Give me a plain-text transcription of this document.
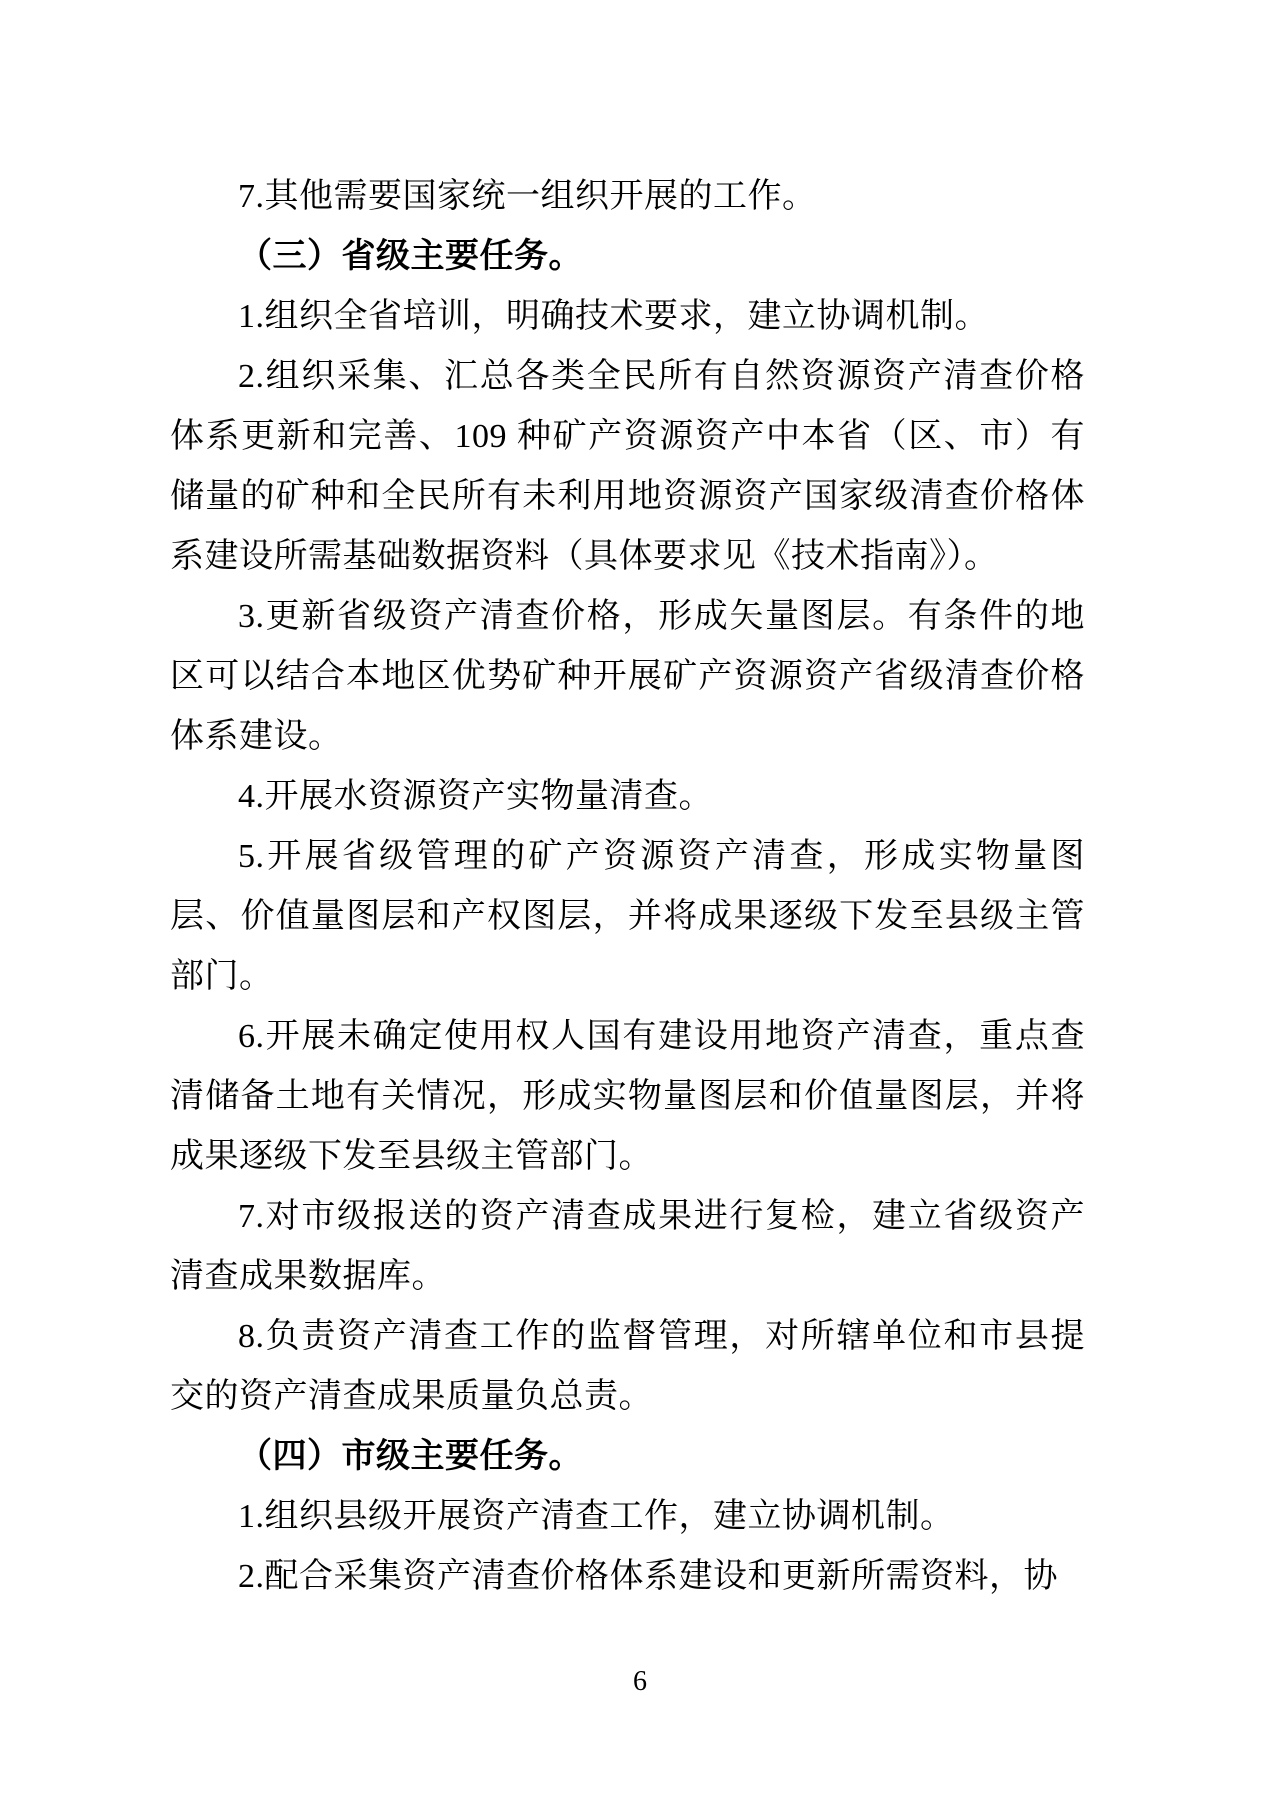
7.其他需要国家统一组织开展的工作。

（三）省级主要任务。

1.组织全省培训，明确技术要求，建立协调机制。

2.组织采集、汇总各类全民所有自然资源资产清查价格体系更新和完善、109 种矿产资源资产中本省（区、市）有储量的矿种和全民所有未利用地资源资产国家级清查价格体系建设所需基础数据资料（具体要求见《技术指南》）。

3.更新省级资产清查价格，形成矢量图层。有条件的地区可以结合本地区优势矿种开展矿产资源资产省级清查价格体系建设。

4.开展水资源资产实物量清查。

5.开展省级管理的矿产资源资产清查，形成实物量图层、价值量图层和产权图层，并将成果逐级下发至县级主管部门。

6.开展未确定使用权人国有建设用地资产清查，重点查清储备土地有关情况，形成实物量图层和价值量图层，并将成果逐级下发至县级主管部门。

7.对市级报送的资产清查成果进行复检，建立省级资产清查成果数据库。

8.负责资产清查工作的监督管理，对所辖单位和市县提交的资产清查成果质量负总责。

（四）市级主要任务。

1.组织县级开展资产清查工作，建立协调机制。

2.配合采集资产清查价格体系建设和更新所需资料，协

6
